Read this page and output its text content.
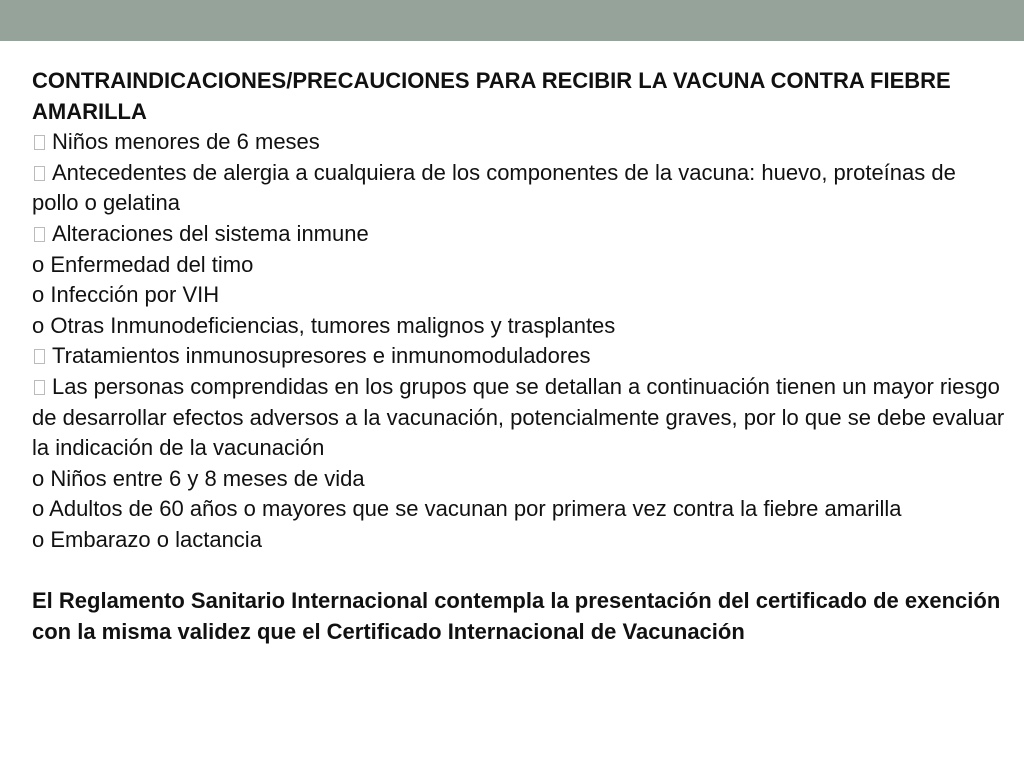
CONTRAINDICACIONES/PRECAUCIONES PARA RECIBIR LA VACUNA CONTRA FIEBRE AMARILLA

Niños menores de 6 meses

Antecedentes de alergia a cualquiera de los componentes de la vacuna: huevo, proteínas de pollo o gelatina

Alteraciones del sistema inmune

o Enfermedad del timo

o Infección por VIH

o Otras Inmunodeficiencias, tumores malignos y trasplantes

Tratamientos inmunosupresores e inmunomoduladores

Las personas comprendidas en los grupos que se detallan a continuación tienen un mayor riesgo de desarrollar efectos adversos a la vacunación, potencialmente graves, por lo que se debe evaluar la indicación de la vacunación

o Niños entre 6 y 8 meses de vida

o Adultos de 60 años o mayores que se vacunan por primera vez contra la fiebre amarilla

o Embarazo o lactancia

El Reglamento Sanitario Internacional contempla la presentación del certificado de exención con la misma validez que el Certificado Internacional de Vacunación
